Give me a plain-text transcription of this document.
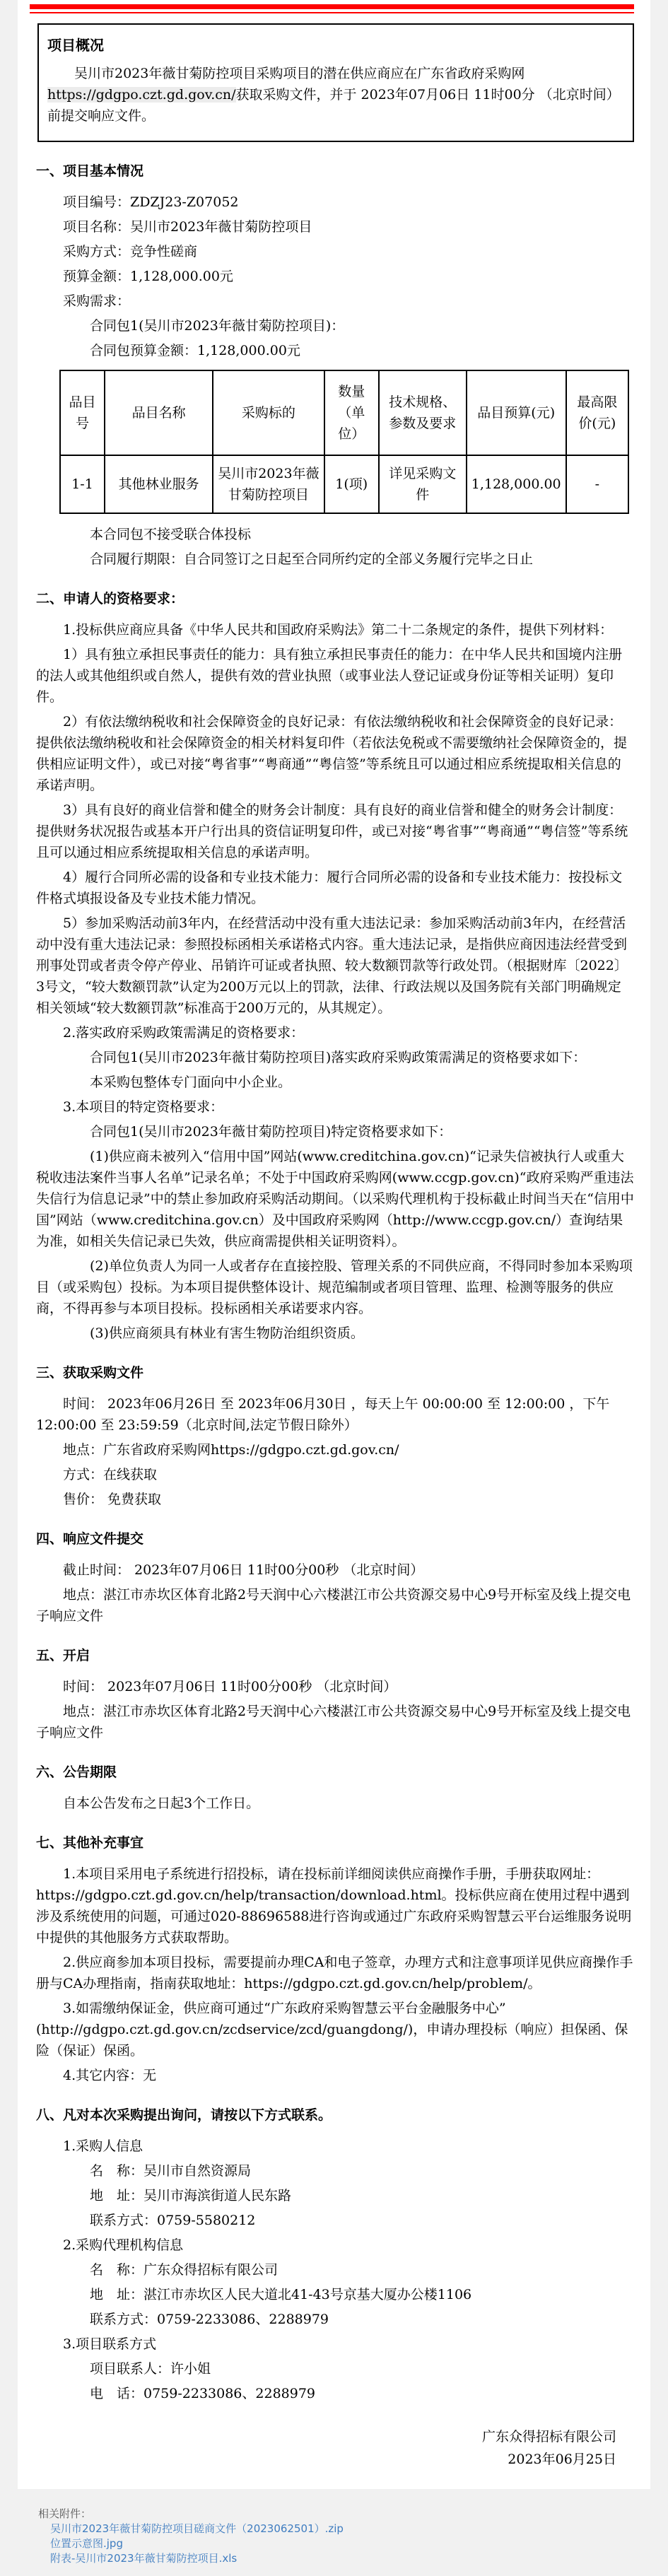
项目概况

吴川市2023年薇甘菊防控项目采购项目的潜在供应商应在广东省政府采购网https://gdgpo.czt.gd.gov.cn/获取采购文件，并于 2023年07月06日 11时00分 （北京时间）前提交响应文件。

一、项目基本情况

项目编号：ZDZJ23-Z07052

项目名称：吴川市2023年薇甘菊防控项目

采购方式：竞争性磋商

预算金额：1,128,000.00元

采购需求：

合同包1(吴川市2023年薇甘菊防控项目)：

合同包预算金额：1,128,000.00元

品目号	品目名称	采购标的	数量（单位）	技术规格、参数及要求	品目预算(元)	最高限价(元)
1-1	其他林业服务	吴川市2023年薇甘菊防控项目	1(项)	详见采购文件	1,128,000.00	-

本合同包不接受联合体投标

合同履行期限：自合同签订之日起至合同所约定的全部义务履行完毕之日止

二、申请人的资格要求：

1.投标供应商应具备《中华人民共和国政府采购法》第二十二条规定的条件，提供下列材料：

1）具有独立承担民事责任的能力：具有独立承担民事责任的能力：在中华人民共和国境内注册的法人或其他组织或自然人，提供有效的营业执照（或事业法人登记证或身份证等相关证明）复印件。

2）有依法缴纳税收和社会保障资金的良好记录：有依法缴纳税收和社会保障资金的良好记录：提供依法缴纳税收和社会保障资金的相关材料复印件（若依法免税或不需要缴纳社会保障资金的，提供相应证明文件），或已对接“粤省事”“粤商通”“粤信签”等系统且可以通过相应系统提取相关信息的承诺声明。

3）具有良好的商业信誉和健全的财务会计制度：具有良好的商业信誉和健全的财务会计制度：提供财务状况报告或基本开户行出具的资信证明复印件，或已对接“粤省事”“粤商通”“粤信签”等系统且可以通过相应系统提取相关信息的承诺声明。

4）履行合同所必需的设备和专业技术能力：履行合同所必需的设备和专业技术能力：按投标文件格式填报设备及专业技术能力情况。

5）参加采购活动前3年内，在经营活动中没有重大违法记录：参加采购活动前3年内，在经营活动中没有重大违法记录：参照投标函相关承诺格式内容。重大违法记录，是指供应商因违法经营受到刑事处罚或者责令停产停业、吊销许可证或者执照、较大数额罚款等行政处罚。（根据财库〔2022〕3号文，“较大数额罚款”认定为200万元以上的罚款，法律、行政法规以及国务院有关部门明确规定相关领域“较大数额罚款”标准高于200万元的，从其规定）。

2.落实政府采购政策需满足的资格要求：

合同包1(吴川市2023年薇甘菊防控项目)落实政府采购政策需满足的资格要求如下：

本采购包整体专门面向中小企业。

3.本项目的特定资格要求：

合同包1(吴川市2023年薇甘菊防控项目)特定资格要求如下：

(1)供应商未被列入“信用中国”网站(www.creditchina.gov.cn)“记录失信被执行人或重大税收违法案件当事人名单”记录名单；不处于中国政府采购网(www.ccgp.gov.cn)“政府采购严重违法失信行为信息记录”中的禁止参加政府采购活动期间。（以采购代理机构于投标截止时间当天在“信用中国”网站（www.creditchina.gov.cn）及中国政府采购网（http://www.ccgp.gov.cn/）查询结果为准，如相关失信记录已失效，供应商需提供相关证明资料）。

(2)单位负责人为同一人或者存在直接控股、管理关系的不同供应商，不得同时参加本采购项目（或采购包）投标。为本项目提供整体设计、规范编制或者项目管理、监理、检测等服务的供应商，不得再参与本项目投标。投标函相关承诺要求内容。

(3)供应商须具有林业有害生物防治组织资质。

三、获取采购文件

时间： 2023年06月26日 至 2023年06月30日 ，每天上午 00:00:00 至 12:00:00 ，下午 12:00:00 至 23:59:59（北京时间,法定节假日除外）

地点：广东省政府采购网https://gdgpo.czt.gd.gov.cn/

方式：在线获取

售价： 免费获取

四、响应文件提交

截止时间： 2023年07月06日 11时00分00秒 （北京时间）

地点：湛江市赤坎区体育北路2号天润中心六楼湛江市公共资源交易中心9号开标室及线上提交电子响应文件

五、开启

时间： 2023年07月06日 11时00分00秒 （北京时间）

地点：湛江市赤坎区体育北路2号天润中心六楼湛江市公共资源交易中心9号开标室及线上提交电子响应文件

六、公告期限

自本公告发布之日起3个工作日。

七、其他补充事宜

1.本项目采用电子系统进行招投标，请在投标前详细阅读供应商操作手册，手册获取网址：https://gdgpo.czt.gd.gov.cn/help/transaction/download.html。投标供应商在使用过程中遇到涉及系统使用的问题，可通过020-88696588进行咨询或通过广东政府采购智慧云平台运维服务说明中提供的其他服务方式获取帮助。

2.供应商参加本项目投标，需要提前办理CA和电子签章，办理方式和注意事项详见供应商操作手册与CA办理指南，指南获取地址：https://gdgpo.czt.gd.gov.cn/help/problem/。

3.如需缴纳保证金，供应商可通过“广东政府采购智慧云平台金融服务中心”(http://gdgpo.czt.gd.gov.cn/zcdservice/zcd/guangdong/)，申请办理投标（响应）担保函、保险（保证）保函。

4.其它内容：无

八、凡对本次采购提出询问，请按以下方式联系。

1.采购人信息

名　称：吴川市自然资源局

地　址：吴川市海滨街道人民东路

联系方式：0759-5580212

2.采购代理机构信息

名　称：广东众得招标有限公司

地　址：湛江市赤坎区人民大道北41-43号京基大厦办公楼1106

联系方式：0759-2233086、2288979

3.项目联系方式

项目联系人：许小姐

电　话：0759-2233086、2288979

广东众得招标有限公司
2023年06月25日
相关附件：
吴川市2023年薇甘菊防控项目磋商文件（2023062501）.zip
位置示意图.jpg
附表-吴川市2023年薇甘菊防控项目.xls
